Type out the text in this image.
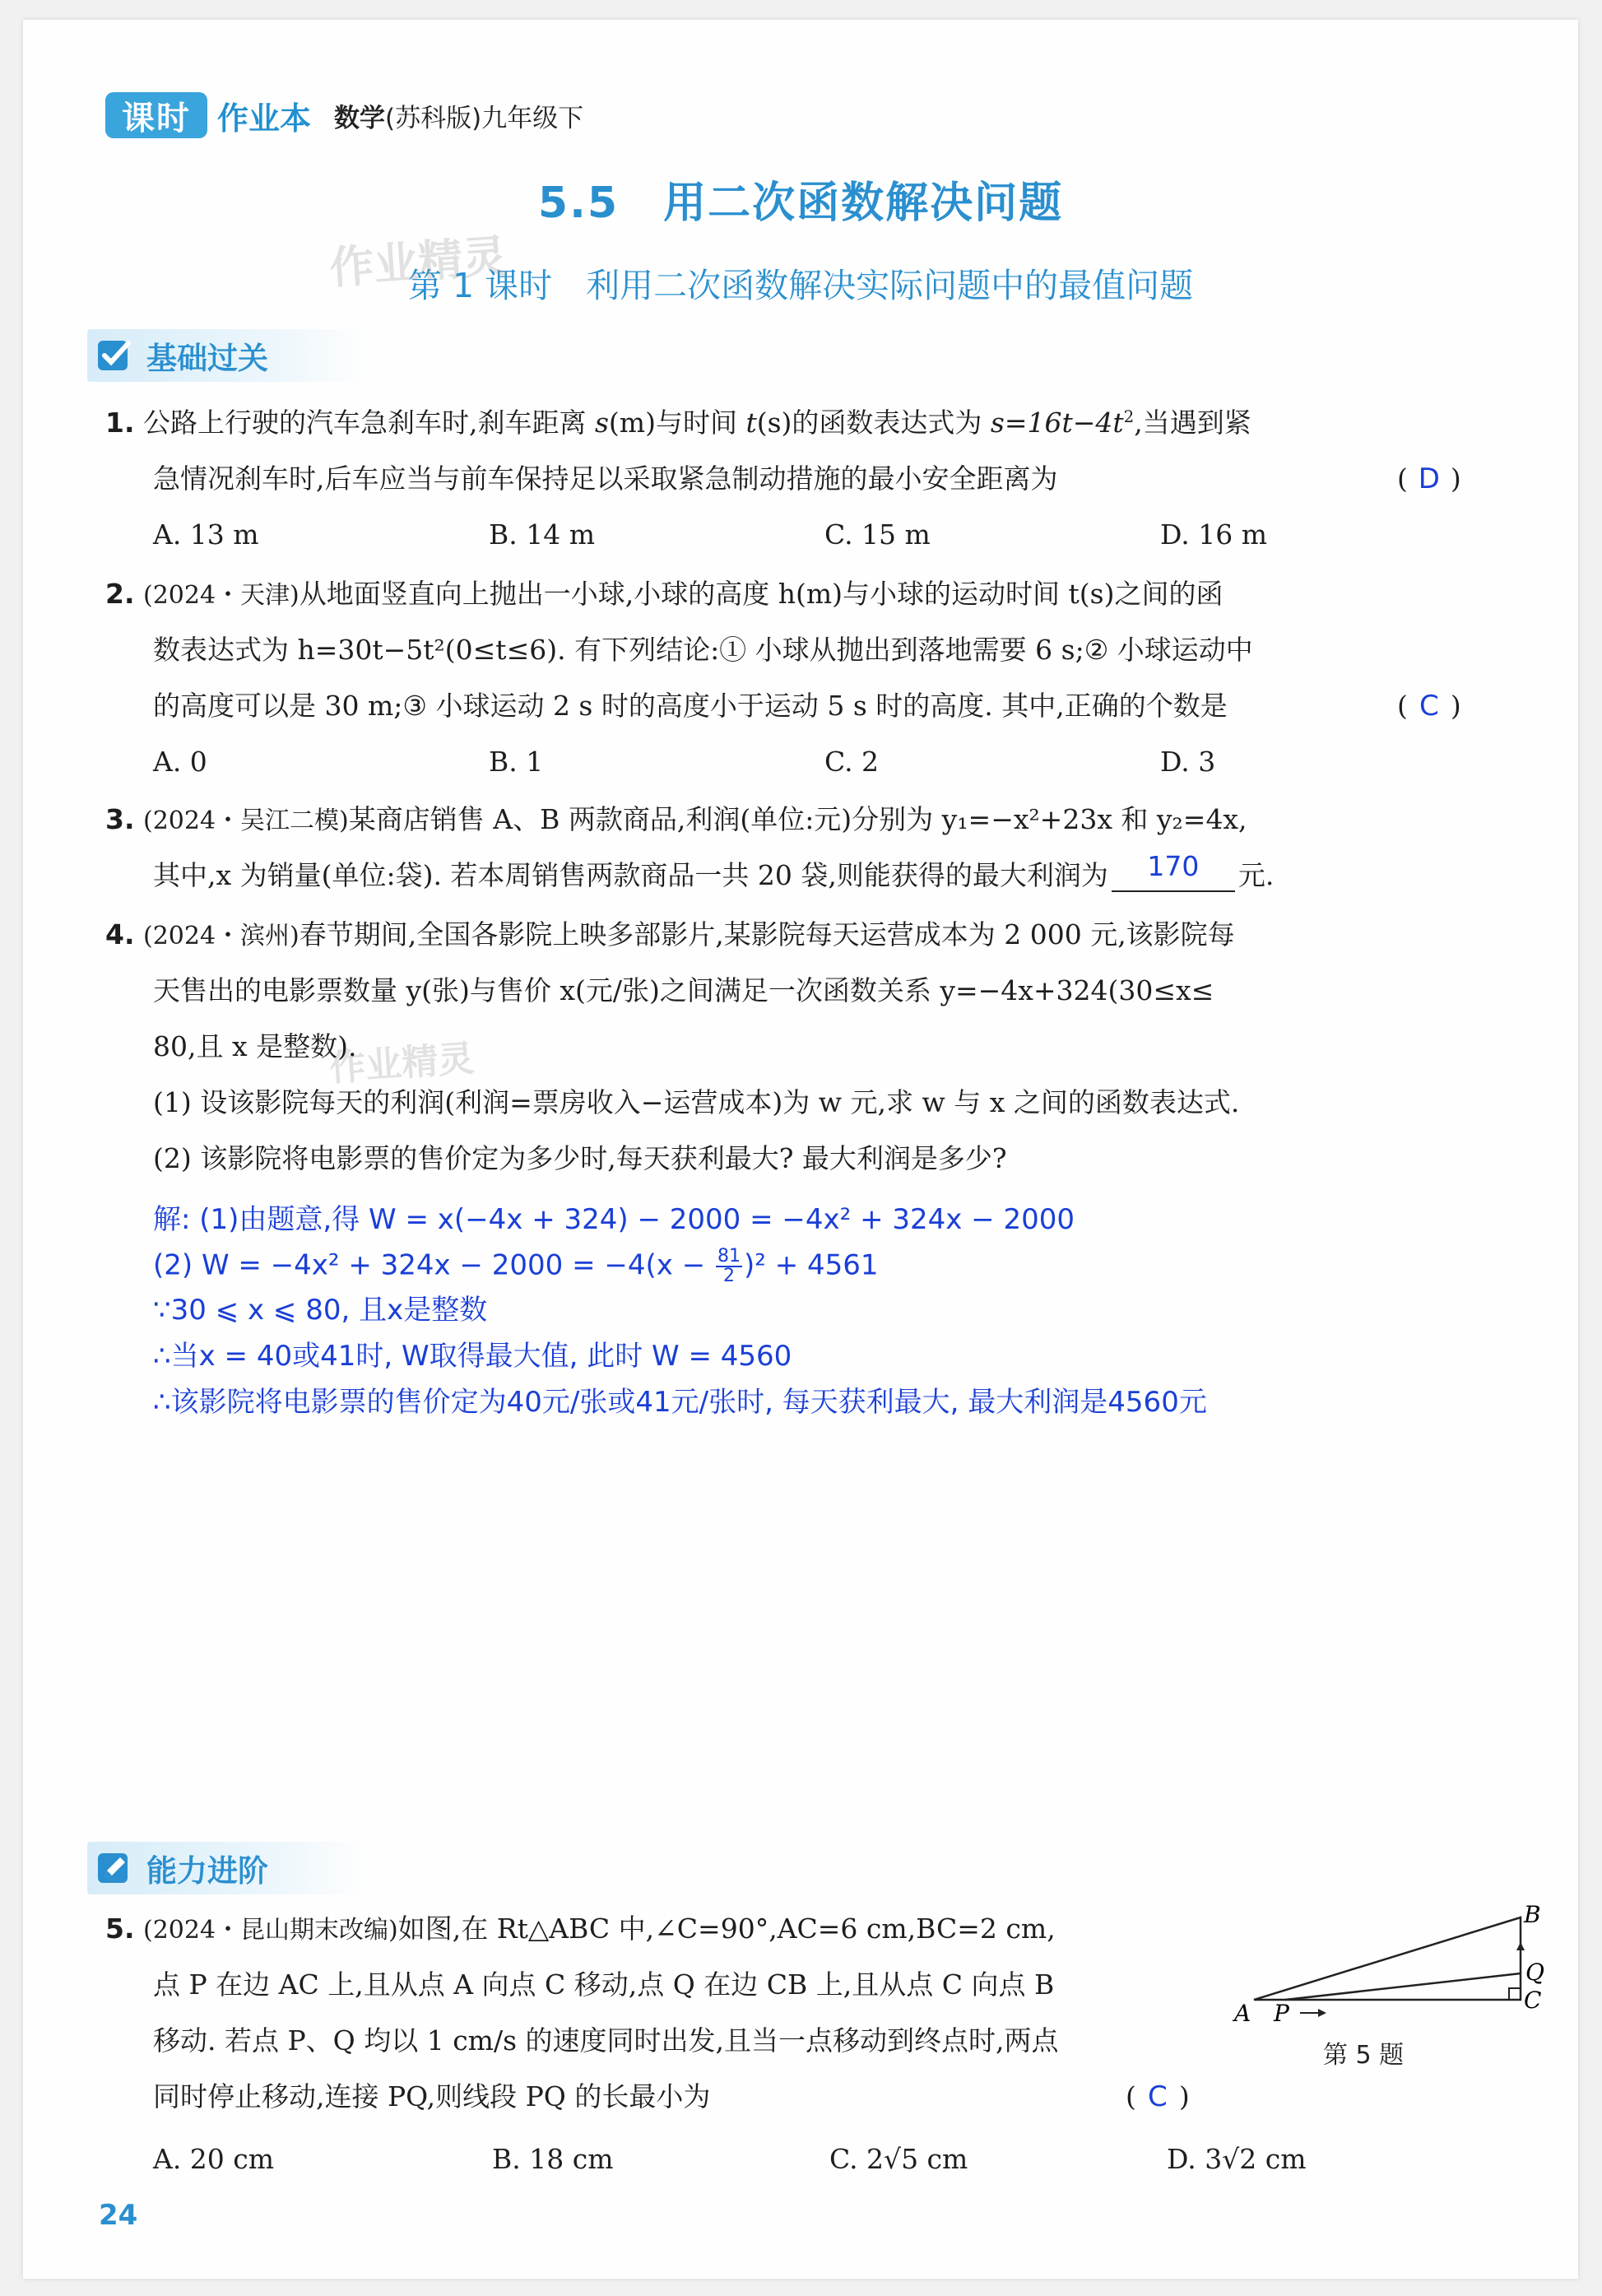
课时 作业本 数学(苏科版)九年级下
5.5　 用二次函数解决问题
第 1 课时　利用二次函数解决实际问题中的最值问题
作业精灵
作业精灵
基础过关
1. 公路上行驶的汽车急刹车时,刹车距离 s(m)与时间 t(s)的函数表达式为 $s=16t-4t^2$,当遇到紧
急情况刹车时,后车应当与前车保持足以采取紧急制动措施的最小安全距离为	( D )
A. 13 m	B. 14 m	C. 15 m	D. 16 m
2. (2024・天津)从地面竖直向上抛出一小球,小球的高度 h(m)与小球的运动时间 t(s)之间的函
数表达式为 h=30t−5t²(0≤t≤6). 有下列结论:① 小球从抛出到落地需要 6 s;② 小球运动中
的高度可以是 30 m;③ 小球运动 2 s 时的高度小于运动 5 s 时的高度. 其中,正确的个数是	( C )
A. 0	B. 1	C. 2	D. 3
3. (2024・吴江二模)某商店销售 A、B 两款商品,利润(单位:元)分别为 y₁=−x²+23x 和 y₂=4x,
其中,x 为销量(单位:袋). 若本周销售两款商品一共 20 袋,则能获得的最大利润为 170 元.
4. (2024・滨州)春节期间,全国各影院上映多部影片,某影院每天运营成本为 2 000 元,该影院每
天售出的电影票数量 y(张)与售价 x(元/张)之间满足一次函数关系 y=−4x+324(30≤x≤
80,且 x 是整数).
(1) 设该影院每天的利润(利润=票房收入−运营成本)为 w 元,求 w 与 x 之间的函数表达式.
(2) 该影院将电影票的售价定为多少时,每天获利最大? 最大利润是多少?
解: (1)由题意,得 W = x(−4x + 324) − 2000 = −4x² + 324x − 2000
(2) $W = -4x^2 + 324x - 2000 = -4(x - \frac{81}{2} )^2 + 4561$
∵30 ⩽ x ⩽ 80, 且x是整数
∴当x = 40或41时, W取得最大值, 此时 W = 4560
∴该影院将电影票的售价定为40元/张或41元/张时, 每天获利最大, 最大利润是4560元
能力进阶
5. (2024・昆山期末改编)如图,在 Rt△ABC 中,∠C=90°,AC=6 cm,BC=2 cm,
点 P 在边 AC 上,且从点 A 向点 C 移动,点 Q 在边 CB 上,且从点 C 向点 B
移动. 若点 P、Q 均以 1 cm/s 的速度同时出发,且当一点移动到终点时,两点
同时停止移动,连接 PQ,则线段 PQ 的长最小为	( C )
A. 20 cm	B. 18 cm	C. 2√5 cm	D. 3√2 cm
A
B
C
P
Q
第 5 题
24
